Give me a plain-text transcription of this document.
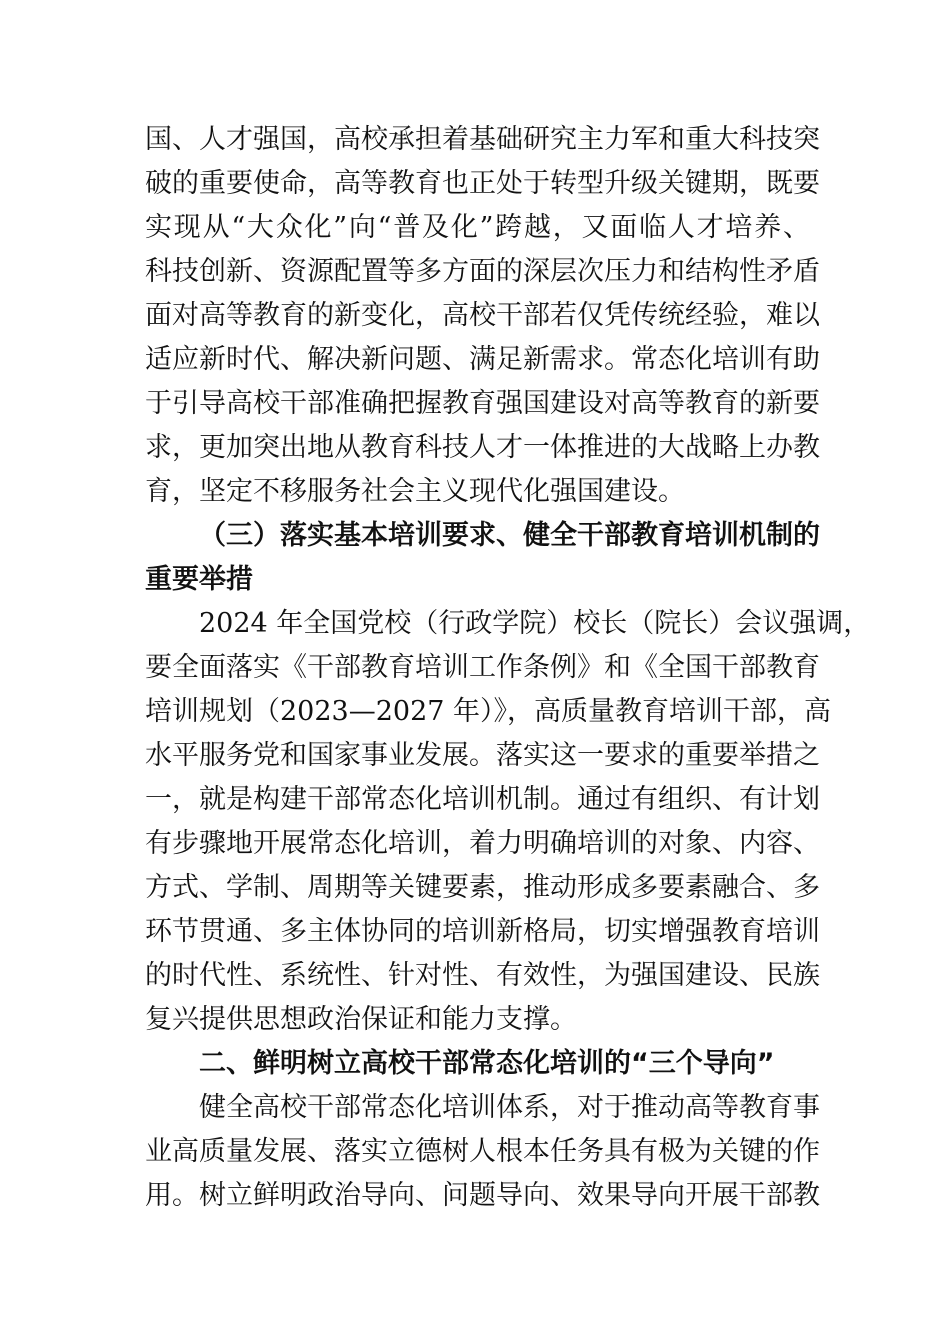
国、人才强国，高校承担着基础研究主力军和重大科技突
破的重要使命，高等教育也正处于转型升级关键期，既要
实现从“大众化”向“普及化”跨越，又面临人才培养、
科技创新、资源配置等多方面的深层次压力和结构性矛盾
面对高等教育的新变化，高校干部若仅凭传统经验，难以
适应新时代、解决新问题、满足新需求。常态化培训有助
于引导高校干部准确把握教育强国建设对高等教育的新要
求，更加突出地从教育科技人才一体推进的大战略上办教
育，坚定不移服务社会主义现代化强国建设。
（三）落实基本培训要求、健全干部教育培训机制的
重要举措
2024 年全国党校（行政学院）校长（院长）会议强调，
要全面落实《干部教育培训工作条例》和《全国干部教育
培训规划（2023—2027 年）》，高质量教育培训干部，高
水平服务党和国家事业发展。落实这一要求的重要举措之
一，就是构建干部常态化培训机制。通过有组织、有计划
有步骤地开展常态化培训，着力明确培训的对象、内容、
方式、学制、周期等关键要素，推动形成多要素融合、多
环节贯通、多主体协同的培训新格局，切实增强教育培训
的时代性、系统性、针对性、有效性，为强国建设、民族
复兴提供思想政治保证和能力支撑。
二、鲜明树立高校干部常态化培训的“三个导向”
健全高校干部常态化培训体系，对于推动高等教育事
业高质量发展、落实立德树人根本任务具有极为关键的作
用。树立鲜明政治导向、问题导向、效果导向开展干部教
